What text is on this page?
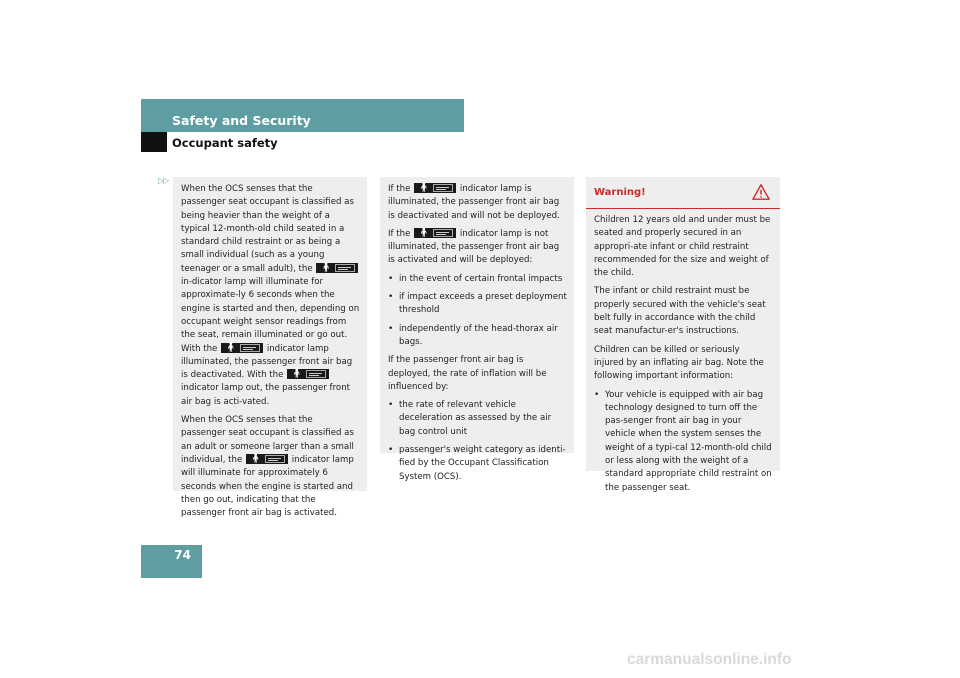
Safety and Security
Occupant safety
▷▷

When the OCS senses that the passenger seat occupant is classified as being heavier than the weight of a typical 12-month-old child seated in a standard child restraint or as being a small individual (such as a young teenager or a small adult), the 🧍︎
in-dicator lamp will illuminate for approximate-ly 6 seconds when the engine is started and then, depending on occupant weight sensor readings from the seat, remain illuminated or go out. With the 🧍︎	indicator lamp illuminated, the passenger front air bag is deactivated. With the 🧍︎
indicator lamp out, the passenger front air bag is acti-vated.

When the OCS senses that the passenger seat occupant is classified as an adult or someone larger than a small individual, the 🧍︎	indicator lamp will illuminate for approximately 6 seconds when the engine is started and then go out, indicating that the passenger front air bag is activated.

If the 🧍︎	indicator lamp is illuminated, the passenger front air bag is deactivated and will not be deployed.

If the 🧍︎	indicator lamp is not illuminated, the passenger front air bag is activated and will be deployed:

• in the event of certain frontal impacts
• if impact exceeds a preset deployment threshold
• independently of the head-thorax air bags.

If the passenger front air bag is deployed, the rate of inflation will be influenced by:

• the rate of relevant vehicle deceleration as assessed by the air bag control unit
• passenger's weight category as identi-fied by the Occupant Classification System (OCS).
Warning!

Children 12 years old and under must be seated and properly secured in an appropri-ate infant or child restraint recommended for the size and weight of the child.

The infant or child restraint must be properly secured with the vehicle's seat belt fully in accordance with the child seat manufactur-er's instructions.

Children can be killed or seriously injured by an inflating air bag. Note the following important information:

• Your vehicle is equipped with air bag technology designed to turn off the pas-senger front air bag in your vehicle when the system senses the weight of a typi-cal 12-month-old child or less along with the weight of a standard appropriate child restraint on the passenger seat.
74
carmanualsonline.info
